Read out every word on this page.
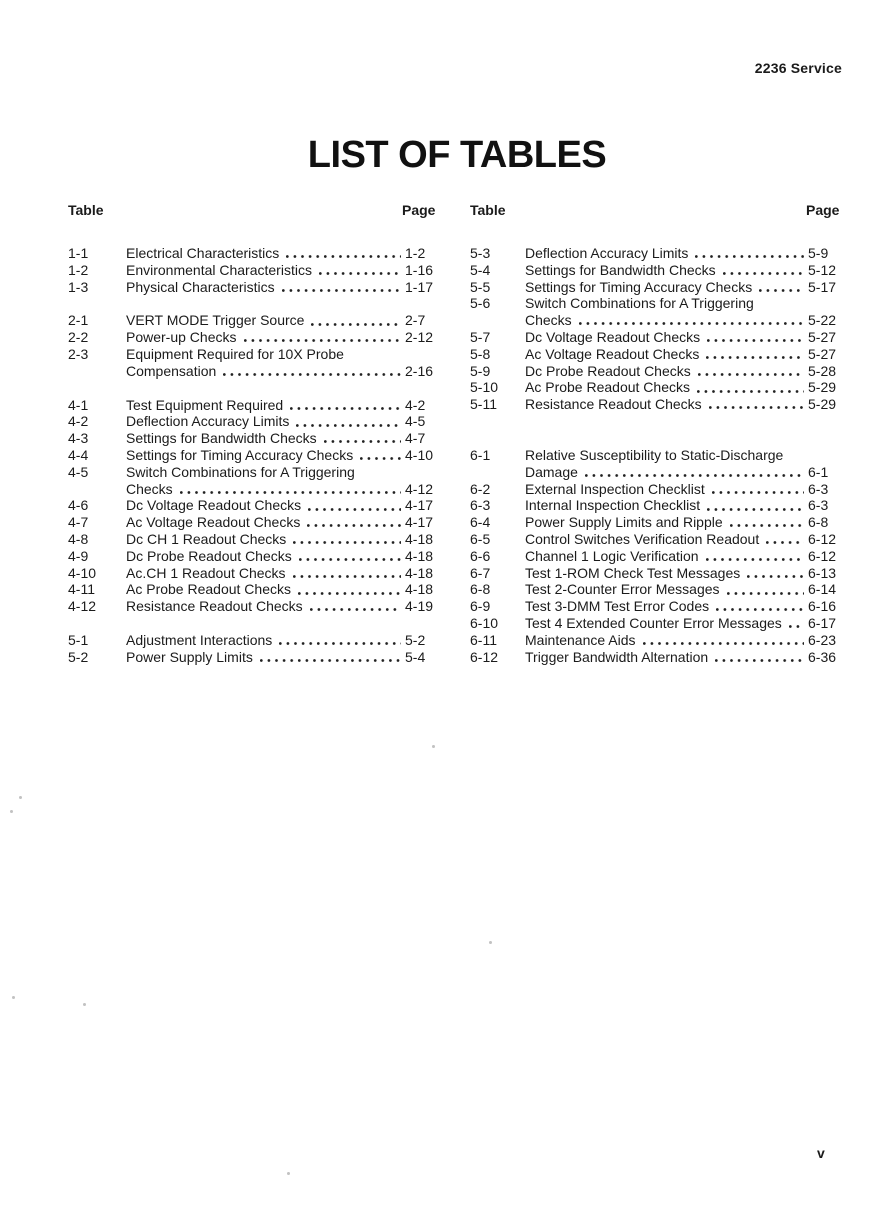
2236 Service
LIST OF TABLES
Table	Page Table	Page
1-1	Electrical Characteristics	1-2
1-2	Environmental Characteristics	1-16
1-3	Physical Characteristics	1-17
2-1	VERT MODE Trigger Source	2-7
2-2	Power-up Checks	2-12
2-3	Equipment Required for 10X Probe
Compensation	2-16
4-1	Test Equipment Required	4-2
4-2	Deflection Accuracy Limits	4-5
4-3	Settings for Bandwidth Checks	4-7
4-4	Settings for Timing Accuracy Checks	4-10
4-5	Switch Combinations for A Triggering
Checks	4-12
4-6	Dc Voltage Readout Checks	4-17
4-7	Ac Voltage Readout Checks	4-17
4-8	Dc CH 1 Readout Checks	4-18
4-9	Dc Probe Readout Checks	4-18
4-10	Ac.CH 1 Readout Checks	4-18
4-11	Ac Probe Readout Checks	4-18
4-12	Resistance Readout Checks	4-19
5-1	Adjustment Interactions	5-2
5-2	Power Supply Limits	5-4
5-3	Deflection Accuracy Limits	5-9
5-4	Settings for Bandwidth Checks	5-12
5-5	Settings for Timing Accuracy Checks	5-17
5-6	Switch Combinations for A Triggering
Checks	5-22
5-7	Dc Voltage Readout Checks	5-27
5-8	Ac Voltage Readout Checks	5-27
5-9	Dc Probe Readout Checks	5-28
5-10	Ac Probe Readout Checks	5-29
5-11	Resistance Readout Checks	5-29
6-1	Relative Susceptibility to Static-Discharge
Damage	6-1
6-2	External Inspection Checklist	6-3
6-3	Internal Inspection Checklist	6-3
6-4	Power Supply Limits and Ripple	6-8
6-5	Control Switches Verification Readout	6-12
6-6	Channel 1 Logic Verification	6-12
6-7	Test 1-ROM Check Test Messages	6-13
6-8	Test 2-Counter Error Messages	6-14
6-9	Test 3-DMM Test Error Codes	6-16
6-10	Test 4 Extended Counter Error Messages 6-17
6-11	Maintenance Aids	6-23
6-12	Trigger Bandwidth Alternation	6-36
v
